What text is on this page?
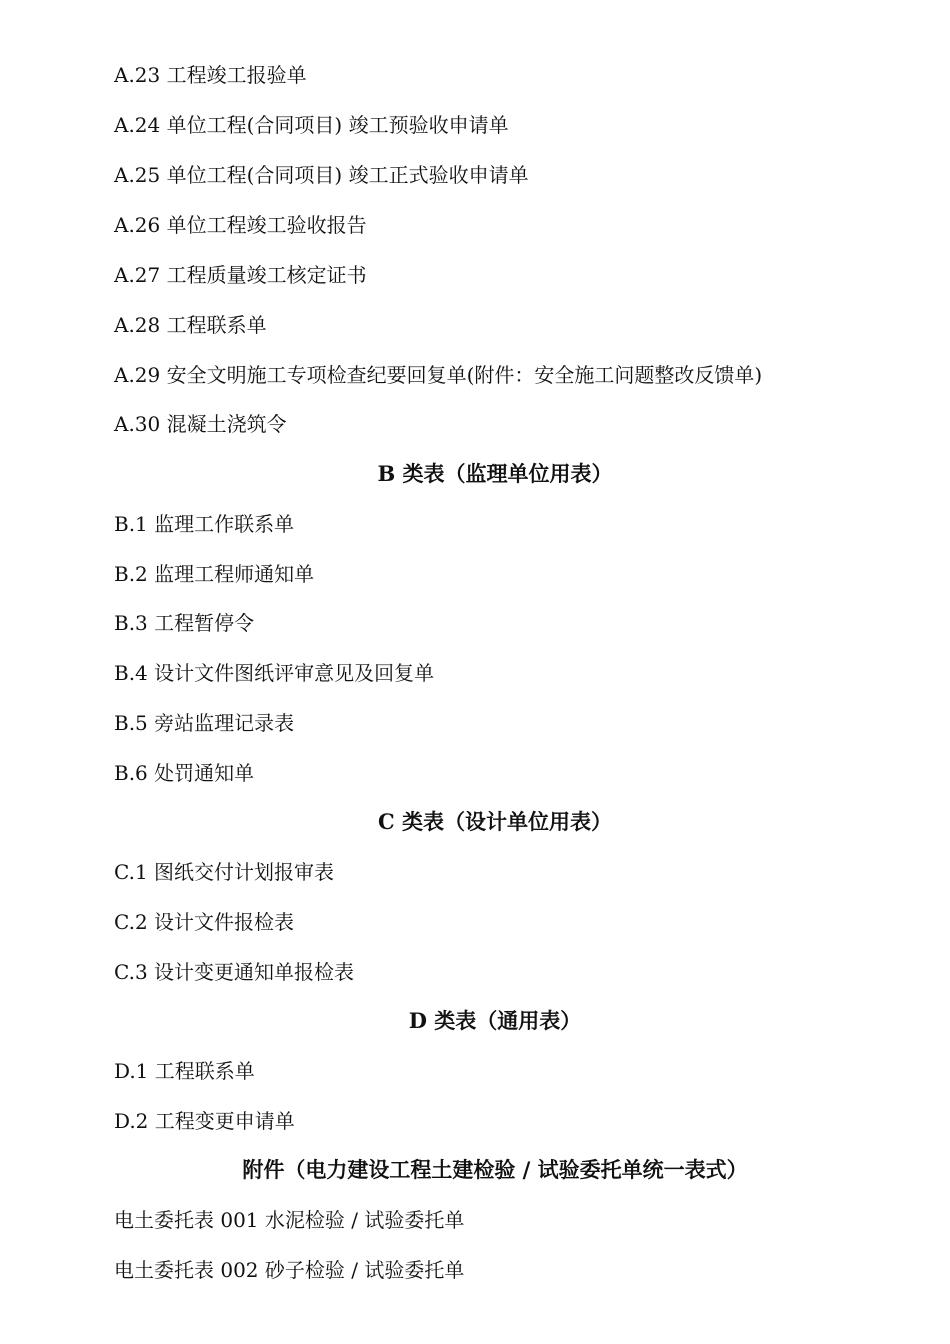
A.23 工程竣工报验单
A.24 单位工程(合同项目) 竣工预验收申请单
A.25 单位工程(合同项目) 竣工正式验收申请单
A.26 单位工程竣工验收报告
A.27 工程质量竣工核定证书
A.28 工程联系单
A.29 安全文明施工专项检查纪要回复单(附件：安全施工问题整改反馈单)
A.30 混凝土浇筑令
B 类表（监理单位用表）
B.1 监理工作联系单
B.2 监理工程师通知单
B.3 工程暂停令
B.4 设计文件图纸评审意见及回复单
B.5 旁站监理记录表
B.6 处罚通知单
C 类表（设计单位用表）
C.1 图纸交付计划报审表
C.2 设计文件报检表
C.3 设计变更通知单报检表
D 类表（通用表）
D.1 工程联系单
D.2 工程变更申请单
附件（电力建设工程土建检验 / 试验委托单统一表式）
电土委托表 001 水泥检验 / 试验委托单
电土委托表 002 砂子检验 / 试验委托单
